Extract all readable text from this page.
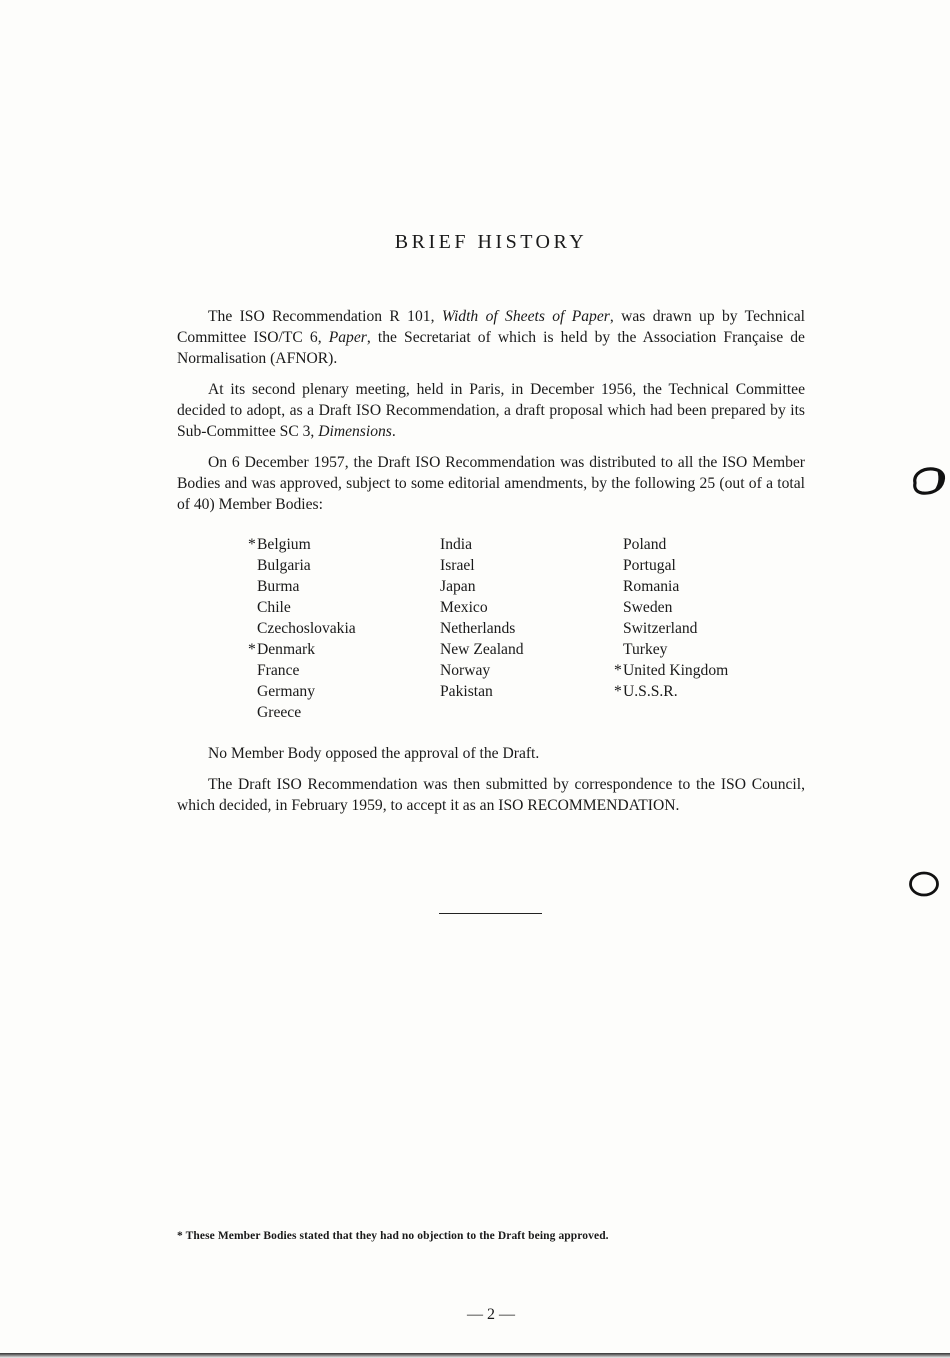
BRIEF HISTORY

The ISO Recommendation R 101, Width of Sheets of Paper, was drawn up by Technical Committee ISO/TC 6, Paper, the Secretariat of which is held by the Association Française de Normalisation (AFNOR).

At its second plenary meeting, held in Paris, in December 1956, the Technical Committee decided to adopt, as a Draft ISO Recommendation, a draft proposal which had been prepared by its Sub-Committee SC 3, Dimensions.

On 6 December 1957, the Draft ISO Recommendation was distributed to all the ISO Member Bodies and was approved, subject to some editorial amendments, by the following 25 (out of a total of 40) Member Bodies:

* Belgium
Bulgaria
Burma
Chile
Czechoslovakia
* Denmark
France
Germany
Greece
India
Israel
Japan
Mexico
Netherlands
New Zealand
Norway
Pakistan
Poland
Portugal
Romania
Sweden
Switzerland
Turkey
* United Kingdom
* U.S.S.R.

No Member Body opposed the approval of the Draft.

The Draft ISO Recommendation was then submitted by correspondence to the ISO Council, which decided, in February 1959, to accept it as an ISO RECOMMENDATION.

* These Member Bodies stated that they had no objection to the Draft being approved.
— 2 —
